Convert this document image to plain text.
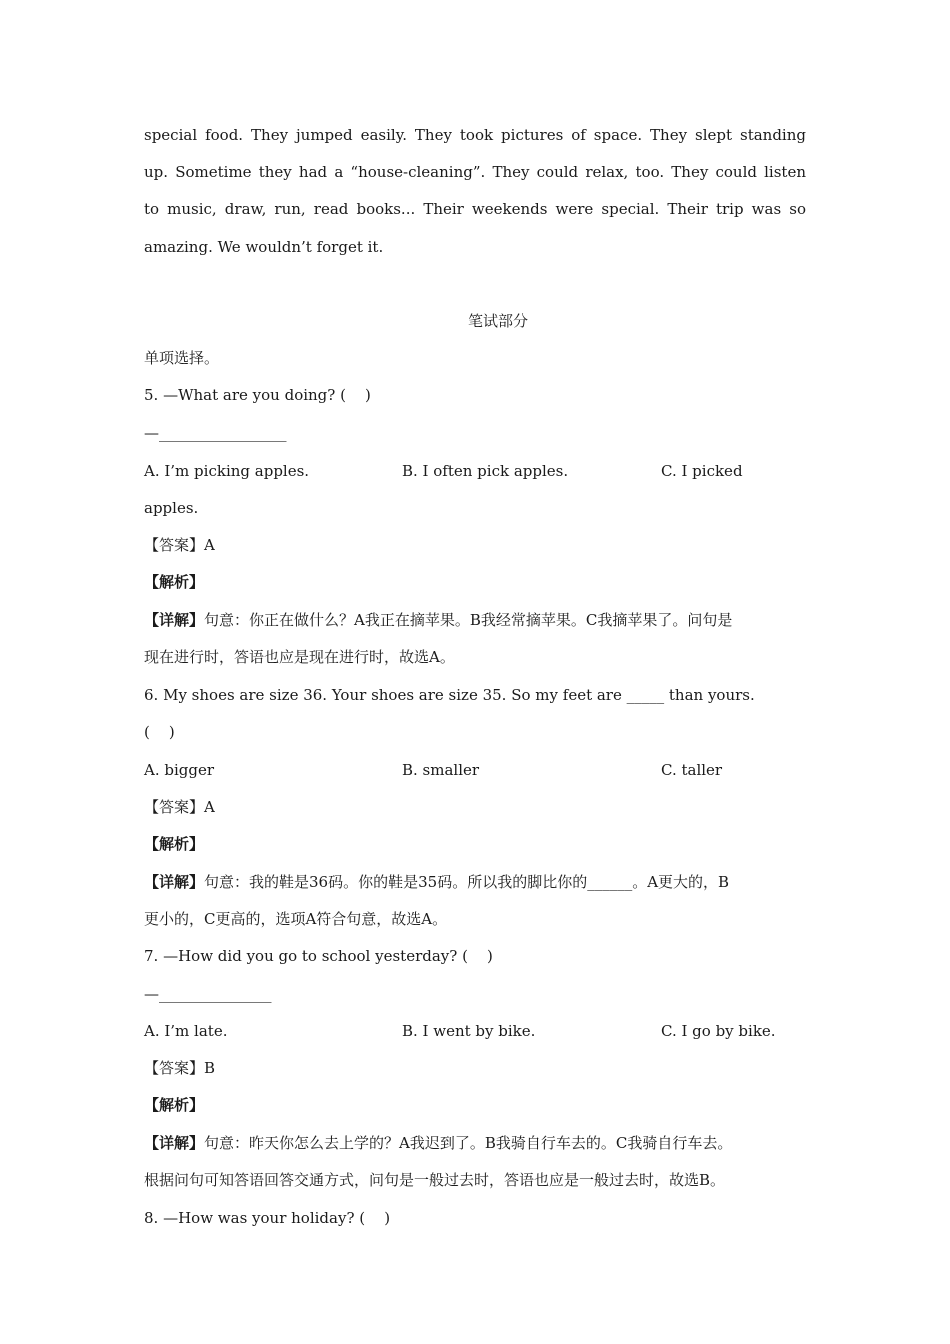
special food. They jumped easily. They took pictures of space. They slept standing
up. Sometime they had a “house-cleaning”. They could relax, too. They could listen
to music, draw, run, read books... Their weekends were special. Their trip was so
amazing. We wouldn’t forget it.
笔试部分
单项选择。
5. —What are you doing? (    )
—_________________
A. I’m picking apples.	B. I often pick apples.	C. I picked
apples.
【答案】A
【解析】
【详解】句意：你正在做什么？A我正在摘苹果。B我经常摘苹果。C我摘苹果了。问句是
现在进行时，答语也应是现在进行时，故选A。
6. My shoes are size 36. Your shoes are size 35. So my feet are _____ than yours.
(    )
A. bigger	B. smaller	C. taller
【答案】A
【解析】
【详解】句意：我的鞋是36码。你的鞋是35码。所以我的脚比你的______。A更大的，B
更小的，C更高的，选项A符合句意，故选A。
7. —How did you go to school yesterday? (    )
—_______________
A. I’m late.	B. I went by bike.	C. I go by bike.
【答案】B
【解析】
【详解】句意：昨天你怎么去上学的？A我迟到了。B我骑自行车去的。C我骑自行车去。
根据问句可知答语回答交通方式，问句是一般过去时，答语也应是一般过去时，故选B。
8. —How was your holiday? (    )
